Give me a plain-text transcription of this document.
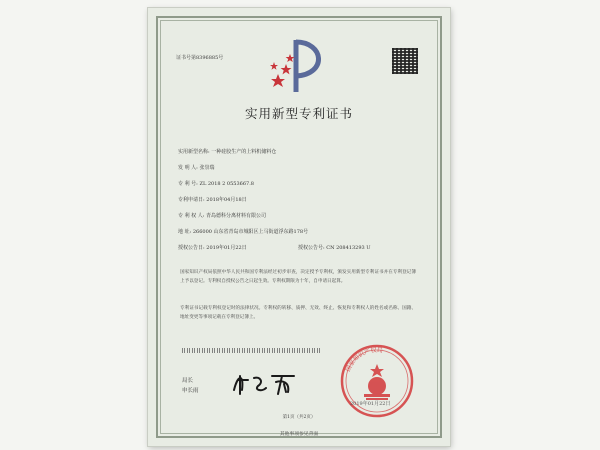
证书号第8396885号
实用新型专利证书
实用新型名称: 一种硅胶生产的上料机储料仓
发 明 人: 张崇瑞
专 利 号: ZL 2018 2 0553667.8
专利申请日: 2018年04月18日
专 利 权 人: 青岛德科分离材料有限公司
地 址: 266000 山东省青岛市城阳区上马街道浮东路178号
授权公告日: 2019年01月22日	授权公告号: CN 208413293 U
国家知识产权局依照中华人民共和国专利法经过初步审查，决定授予专利权，颁发实用新型专利证书并在专利登记簿上予以登记。专利权自授权公告之日起生效。专利权期限为十年，自申请日起算。
专利证书记载专利权登记时的法律状况。专利权的转移、质押、无效、终止、恢复和专利权人的姓名或名称、国籍、地址变更等事项记载在专利登记簿上。
局长
申长雨
国家知识产权局
2019年01月22日
第1页（共2页）
其他事项参见背面
